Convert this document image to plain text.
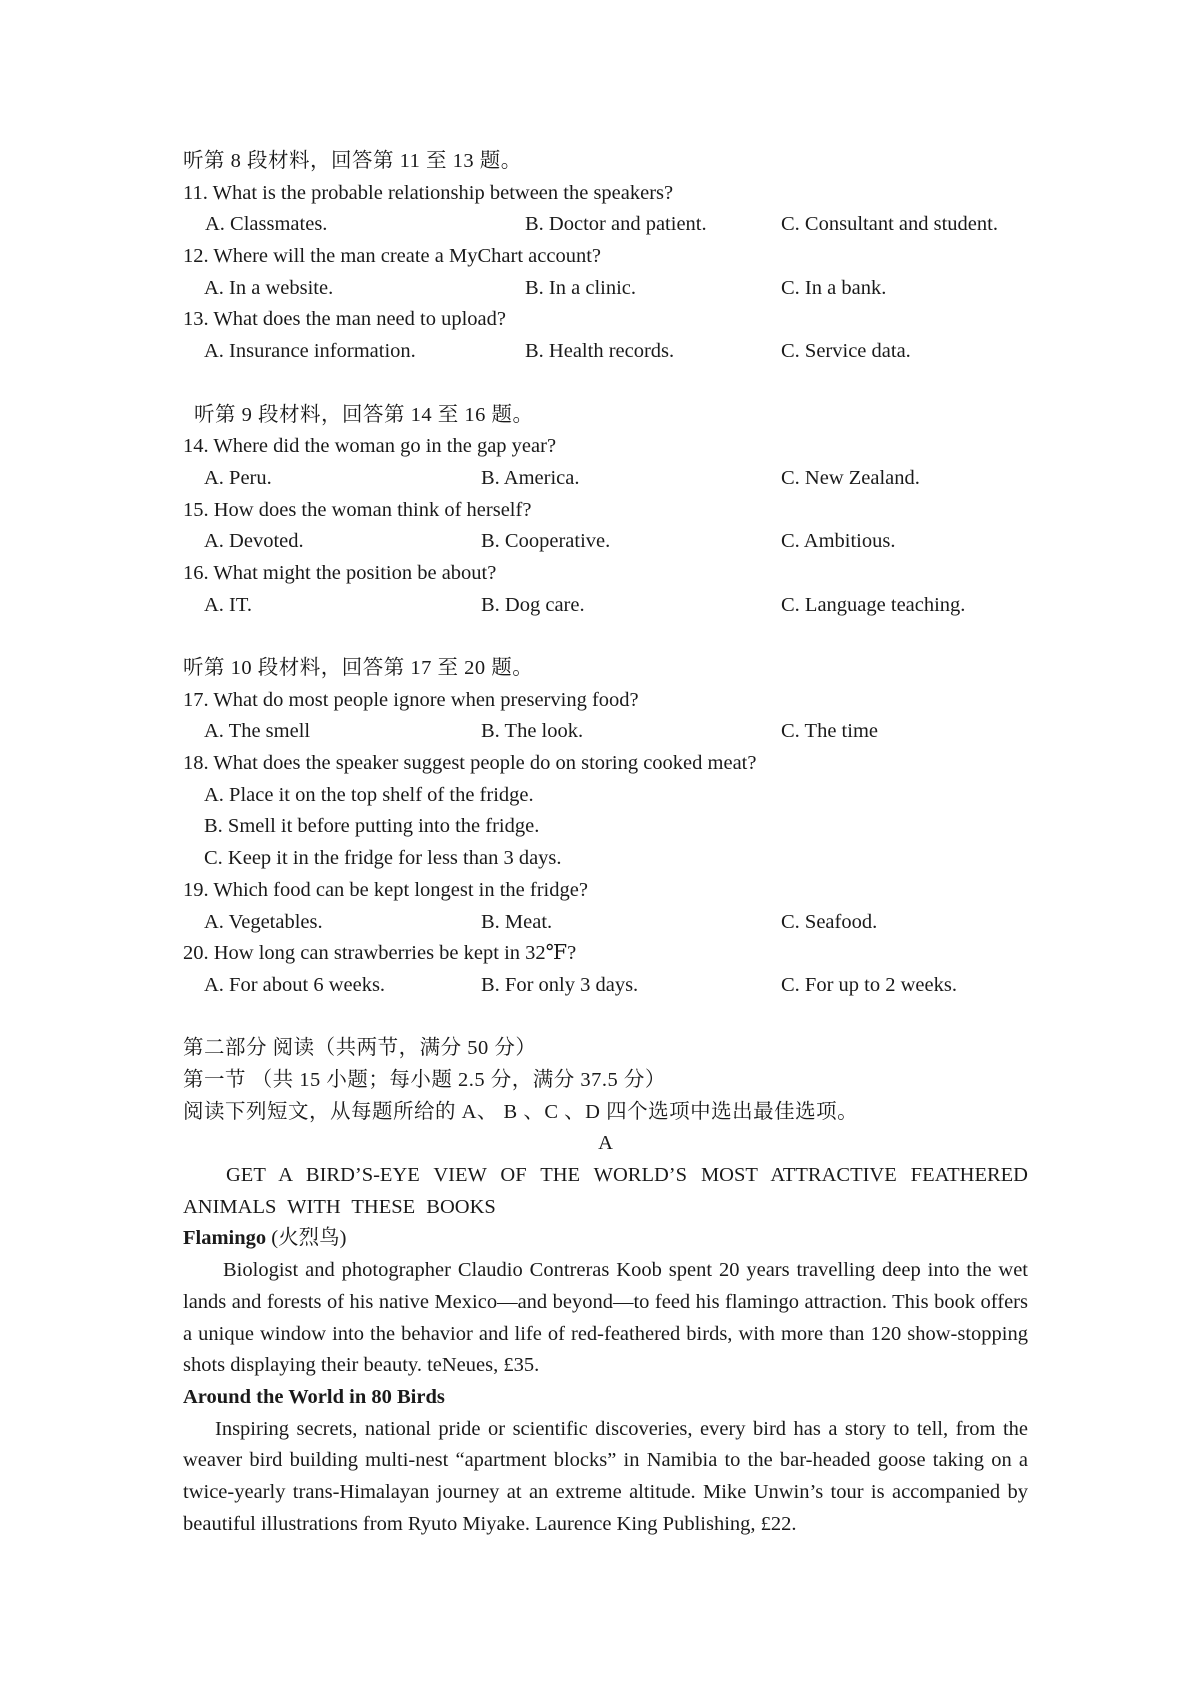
听第 8 段材料，回答第 11 至 13 题。
11. What is the probable relationship between the speakers?
A. Classmates.	B. Doctor and patient.	C. Consultant and student.
12. Where will the man create a MyChart account?
A. In a website.	B. In a clinic.	C. In a bank.
13. What does the man need to upload?
A. Insurance information.	B. Health records.	C. Service data.
听第 9 段材料，回答第 14 至 16 题。
14. Where did the woman go in the gap year?
A. Peru.	B. America.	C. New Zealand.
15. How does the woman think of herself?
A. Devoted.	B. Cooperative.	C. Ambitious.
16. What might the position be about?
A. IT.	B. Dog care.	C. Language teaching.
听第 10 段材料，回答第 17 至 20 题。
17. What do most people ignore when preserving food?
A. The smell	B. The look.	C. The time
18. What does the speaker suggest people do on storing cooked meat?
A. Place it on the top shelf of the fridge.
B. Smell it before putting into the fridge.
C. Keep it in the fridge for less than 3 days.
19. Which food can be kept longest in the fridge?
A. Vegetables.	B. Meat.	C. Seafood.
20. How long can strawberries be kept in 32℉?
A. For about 6 weeks.	B. For only 3 days.	C. For up to 2 weeks.
第二部分 阅读（共两节，满分 50 分）
第一节 （共 15 小题；每小题 2.5 分，满分 37.5 分）
阅读下列短文，从每题所给的 A、 B 、C 、D 四个选项中选出最佳选项。
A
GET A BIRD’S-EYE VIEW OF THE WORLD’S MOST ATTRACTIVE FEATHERED ANIMALS WITH THESE BOOKS
Flamingo (火烈鸟)
Biologist and photographer Claudio Contreras Koob spent 20 years travelling deep into the wet lands and forests of his native Mexico—and beyond—to feed his flamingo attraction. This book offers a unique window into the behavior and life of red-feathered birds, with more than 120 show-stopping shots displaying their beauty. teNeues, £35.
Around the World in 80 Birds
Inspiring secrets, national pride or scientific discoveries, every bird has a story to tell, from the weaver bird building multi-nest “apartment blocks” in Namibia to the bar-headed goose taking on a twice-yearly trans-Himalayan journey at an extreme altitude. Mike Unwin’s tour is accompanied by beautiful illustrations from Ryuto Miyake. Laurence King Publishing, £22.
